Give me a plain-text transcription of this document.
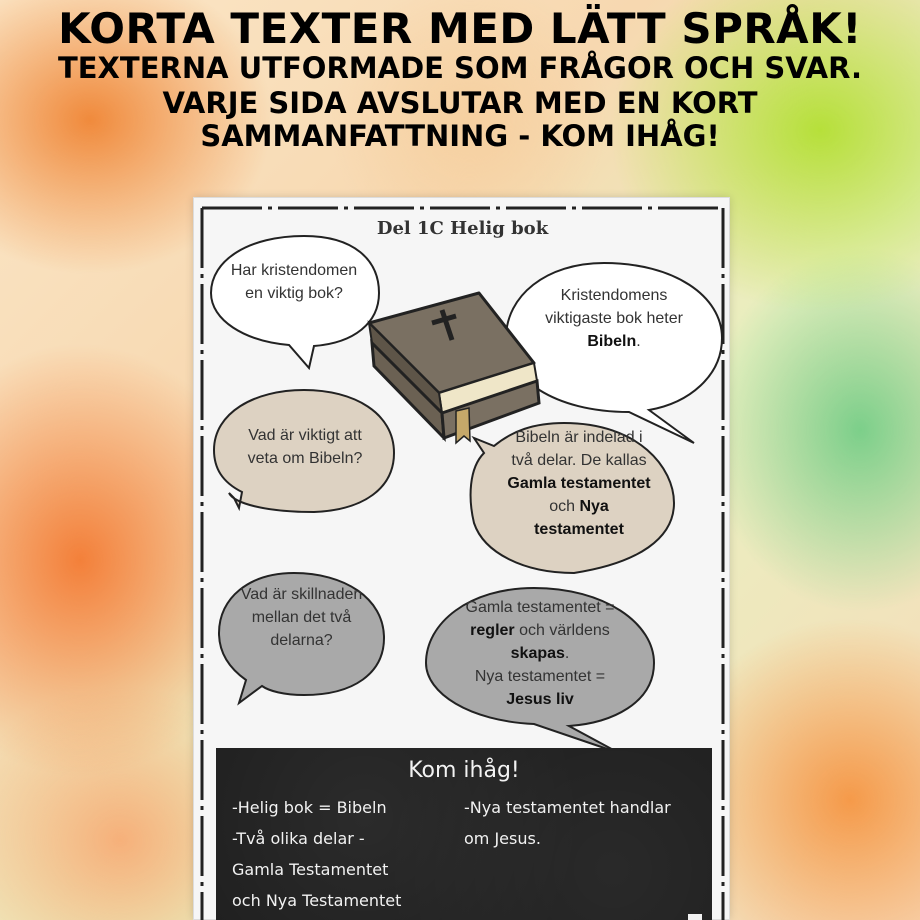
KORTA TEXTER MED LÄTT SPRÅK!
TEXTERNA UTFORMADE SOM FRÅGOR OCH SVAR.
VARJE SIDA AVSLUTAR MED EN KORT
SAMMANFATTNING - KOM IHÅG!
Del 1C Helig bok
Har kristendomen
en viktig bok?	Kristendomens
viktigaste bok heter
Bibeln.
Vad är viktigt att
veta om Bibeln?
Bibeln är indelad i
två delar. De kallas
Gamla testamentet
och Nya
testamentet
Vad är skillnaden
mellan det två
delarna?
Gamla testamentet =
regler och världens
skapas.
Nya testamentet =
Jesus liv
Kom ihåg!
-Helig bok = Bibeln
-Två olika delar -
Gamla Testamentet
och Nya Testamentet
-Nya testamentet handlar
om Jesus.
